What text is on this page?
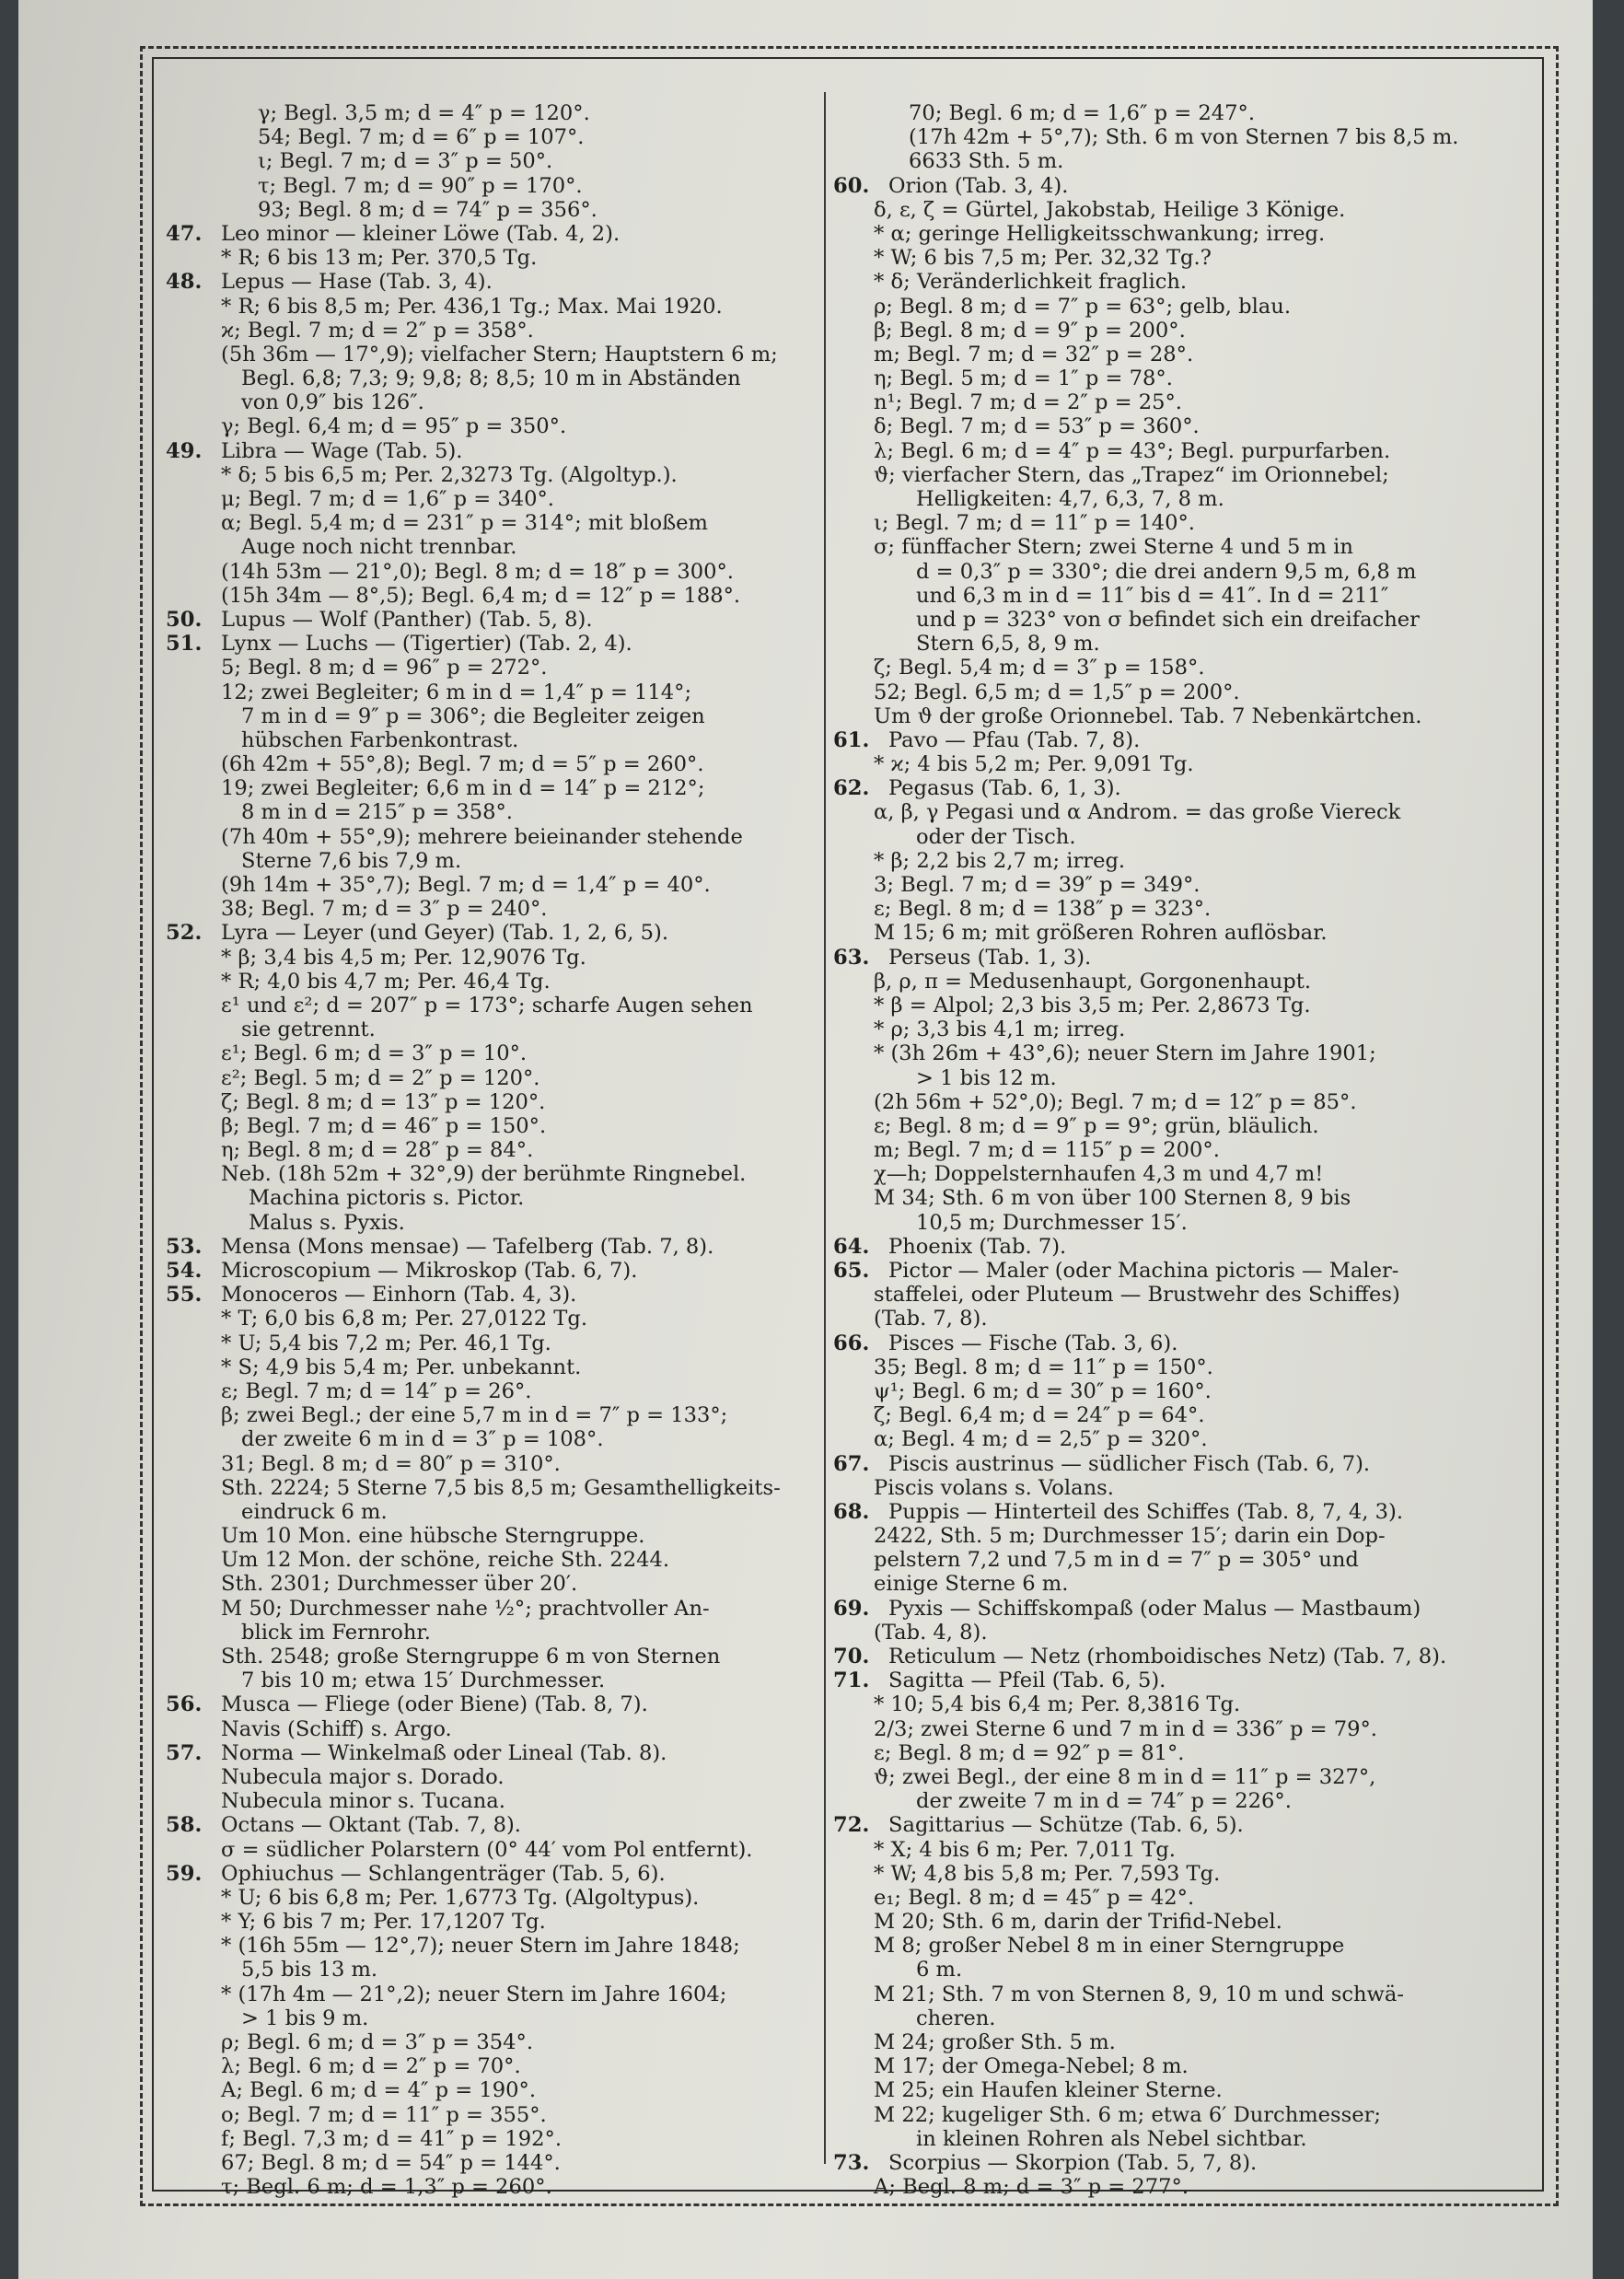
γ; Begl. 3,5 m; d = 4″ p = 120°.
54; Begl. 7 m; d = 6″ p = 107°.
ι; Begl. 7 m; d = 3″ p = 50°.
τ; Begl. 7 m; d = 90″ p = 170°.
93; Begl. 8 m; d = 74″ p = 356°.
47. Leo minor — kleiner Löwe (Tab. 4, 2).
* R; 6 bis 13 m; Per. 370,5 Tg.
48. Lepus — Hase (Tab. 3, 4).
* R; 6 bis 8,5 m; Per. 436,1 Tg.; Max. Mai 1920.
ϰ; Begl. 7 m; d = 2″ p = 358°.
(5h 36m — 17°,9); vielfacher Stern; Hauptstern 6 m;
Begl. 6,8; 7,3; 9; 9,8; 8; 8,5; 10 m in Abständen
von 0,9″ bis 126″.
γ; Begl. 6,4 m; d = 95″ p = 350°.
49. Libra — Wage (Tab. 5).
* δ; 5 bis 6,5 m; Per. 2,3273 Tg. (Algoltyp.).
μ; Begl. 7 m; d = 1,6″ p = 340°.
α; Begl. 5,4 m; d = 231″ p = 314°; mit bloßem
Auge noch nicht trennbar.
(14h 53m — 21°,0); Begl. 8 m; d = 18″ p = 300°.
(15h 34m — 8°,5); Begl. 6,4 m; d = 12″ p = 188°.
50. Lupus — Wolf (Panther) (Tab. 5, 8).
51. Lynx — Luchs — (Tigertier) (Tab. 2, 4).
5; Begl. 8 m; d = 96″ p = 272°.
12; zwei Begleiter; 6 m in d = 1,4″ p = 114°;
7 m in d = 9″ p = 306°; die Begleiter zeigen
hübschen Farbenkontrast.
(6h 42m + 55°,8); Begl. 7 m; d = 5″ p = 260°.
19; zwei Begleiter; 6,6 m in d = 14″ p = 212°;
8 m in d = 215″ p = 358°.
(7h 40m + 55°,9); mehrere beieinander stehende
Sterne 7,6 bis 7,9 m.
(9h 14m + 35°,7); Begl. 7 m; d = 1,4″ p = 40°.
38; Begl. 7 m; d = 3″ p = 240°.
52. Lyra — Leyer (und Geyer) (Tab. 1, 2, 6, 5).
* β; 3,4 bis 4,5 m; Per. 12,9076 Tg.
* R; 4,0 bis 4,7 m; Per. 46,4 Tg.
ε¹ und ε²; d = 207″ p = 173°; scharfe Augen sehen
sie getrennt.
ε¹; Begl. 6 m; d = 3″ p = 10°.
ε²; Begl. 5 m; d = 2″ p = 120°.
ζ; Begl. 8 m; d = 13″ p = 120°.
β; Begl. 7 m; d = 46″ p = 150°.
η; Begl. 8 m; d = 28″ p = 84°.
Neb. (18h 52m + 32°,9) der berühmte Ringnebel.
Machina pictoris s. Pictor.
Malus s. Pyxis.
53. Mensa (Mons mensae) — Tafelberg (Tab. 7, 8).
54. Microscopium — Mikroskop (Tab. 6, 7).
55. Monoceros — Einhorn (Tab. 4, 3).
* T; 6,0 bis 6,8 m; Per. 27,0122 Tg.
* U; 5,4 bis 7,2 m; Per. 46,1 Tg.
* S; 4,9 bis 5,4 m; Per. unbekannt.
ε; Begl. 7 m; d = 14″ p = 26°.
β; zwei Begl.; der eine 5,7 m in d = 7″ p = 133°;
der zweite 6 m in d = 3″ p = 108°.
31; Begl. 8 m; d = 80″ p = 310°.
Sth. 2224; 5 Sterne 7,5 bis 8,5 m; Gesamthelligkeits-
eindruck 6 m.
Um 10 Mon. eine hübsche Sterngruppe.
Um 12 Mon. der schöne, reiche Sth. 2244.
Sth. 2301; Durchmesser über 20′.
M 50; Durchmesser nahe ½°; prachtvoller An-
blick im Fernrohr.
Sth. 2548; große Sterngruppe 6 m von Sternen
7 bis 10 m; etwa 15′ Durchmesser.
56. Musca — Fliege (oder Biene) (Tab. 8, 7).
Navis (Schiff) s. Argo.
57. Norma — Winkelmaß oder Lineal (Tab. 8).
Nubecula major s. Dorado.
Nubecula minor s. Tucana.
58. Octans — Oktant (Tab. 7, 8).
σ = südlicher Polarstern (0° 44′ vom Pol entfernt).
59. Ophiuchus — Schlangenträger (Tab. 5, 6).
* U; 6 bis 6,8 m; Per. 1,6773 Tg. (Algoltypus).
* Y; 6 bis 7 m; Per. 17,1207 Tg.
* (16h 55m — 12°,7); neuer Stern im Jahre 1848;
5,5 bis 13 m.
* (17h 4m — 21°,2); neuer Stern im Jahre 1604;
> 1 bis 9 m.
ρ; Begl. 6 m; d = 3″ p = 354°.
λ; Begl. 6 m; d = 2″ p = 70°.
A; Begl. 6 m; d = 4″ p = 190°.
o; Begl. 7 m; d = 11″ p = 355°.
f; Begl. 7,3 m; d = 41″ p = 192°.
67; Begl. 8 m; d = 54″ p = 144°.
τ; Begl. 6 m; d = 1,3″ p = 260°.
70; Begl. 6 m; d = 1,6″ p = 247°.
(17h 42m + 5°,7); Sth. 6 m von Sternen 7 bis 8,5 m.
6633 Sth. 5 m.
60. Orion (Tab. 3, 4).
δ, ε, ζ = Gürtel, Jakobstab, Heilige 3 Könige.
* α; geringe Helligkeitsschwankung; irreg.
* W; 6 bis 7,5 m; Per. 32,32 Tg.?
* δ; Veränderlichkeit fraglich.
ρ; Begl. 8 m; d = 7″ p = 63°; gelb, blau.
β; Begl. 8 m; d = 9″ p = 200°.
m; Begl. 7 m; d = 32″ p = 28°.
η; Begl. 5 m; d = 1″ p = 78°.
n¹; Begl. 7 m; d = 2″ p = 25°.
δ; Begl. 7 m; d = 53″ p = 360°.
λ; Begl. 6 m; d = 4″ p = 43°; Begl. purpurfarben.
ϑ; vierfacher Stern, das „Trapez“ im Orionnebel;
Helligkeiten: 4,7, 6,3, 7, 8 m.
ι; Begl. 7 m; d = 11″ p = 140°.
σ; fünffacher Stern; zwei Sterne 4 und 5 m in
d = 0,3″ p = 330°; die drei andern 9,5 m, 6,8 m
und 6,3 m in d = 11″ bis d = 41″. In d = 211″
und p = 323° von σ befindet sich ein dreifacher
Stern 6,5, 8, 9 m.
ζ; Begl. 5,4 m; d = 3″ p = 158°.
52; Begl. 6,5 m; d = 1,5″ p = 200°.
Um ϑ der große Orionnebel. Tab. 7 Nebenkärtchen.
61. Pavo — Pfau (Tab. 7, 8).
* ϰ; 4 bis 5,2 m; Per. 9,091 Tg.
62. Pegasus (Tab. 6, 1, 3).
α, β, γ Pegasi und α Androm. = das große Viereck
oder der Tisch.
* β; 2,2 bis 2,7 m; irreg.
3; Begl. 7 m; d = 39″ p = 349°.
ε; Begl. 8 m; d = 138″ p = 323°.
M 15; 6 m; mit größeren Rohren auflösbar.
63. Perseus (Tab. 1, 3).
β, ρ, π = Medusenhaupt, Gorgonenhaupt.
* β = Alpol; 2,3 bis 3,5 m; Per. 2,8673 Tg.
* ρ; 3,3 bis 4,1 m; irreg.
* (3h 26m + 43°,6); neuer Stern im Jahre 1901;
> 1 bis 12 m.
(2h 56m + 52°,0); Begl. 7 m; d = 12″ p = 85°.
ε; Begl. 8 m; d = 9″ p = 9°; grün, bläulich.
m; Begl. 7 m; d = 115″ p = 200°.
χ—h; Doppelsternhaufen 4,3 m und 4,7 m!
M 34; Sth. 6 m von über 100 Sternen 8, 9 bis
10,5 m; Durchmesser 15′.
64. Phoenix (Tab. 7).
65. Pictor — Maler (oder Machina pictoris — Maler-
staffelei, oder Pluteum — Brustwehr des Schiffes)
(Tab. 7, 8).
66. Pisces — Fische (Tab. 3, 6).
35; Begl. 8 m; d = 11″ p = 150°.
ψ¹; Begl. 6 m; d = 30″ p = 160°.
ζ; Begl. 6,4 m; d = 24″ p = 64°.
α; Begl. 4 m; d = 2,5″ p = 320°.
67. Piscis austrinus — südlicher Fisch (Tab. 6, 7).
Piscis volans s. Volans.
68. Puppis — Hinterteil des Schiffes (Tab. 8, 7, 4, 3).
2422, Sth. 5 m; Durchmesser 15′; darin ein Dop-
pelstern 7,2 und 7,5 m in d = 7″ p = 305° und
einige Sterne 6 m.
69. Pyxis — Schiffskompaß (oder Malus — Mastbaum)
(Tab. 4, 8).
70. Reticulum — Netz (rhomboidisches Netz) (Tab. 7, 8).
71. Sagitta — Pfeil (Tab. 6, 5).
* 10; 5,4 bis 6,4 m; Per. 8,3816 Tg.
2/3; zwei Sterne 6 und 7 m in d = 336″ p = 79°.
ε; Begl. 8 m; d = 92″ p = 81°.
ϑ; zwei Begl., der eine 8 m in d = 11″ p = 327°,
der zweite 7 m in d = 74″ p = 226°.
72. Sagittarius — Schütze (Tab. 6, 5).
* X; 4 bis 6 m; Per. 7,011 Tg.
* W; 4,8 bis 5,8 m; Per. 7,593 Tg.
e₁; Begl. 8 m; d = 45″ p = 42°.
M 20; Sth. 6 m, darin der Trifid-Nebel.
M 8; großer Nebel 8 m in einer Sterngruppe
6 m.
M 21; Sth. 7 m von Sternen 8, 9, 10 m und schwä-
cheren.
M 24; großer Sth. 5 m.
M 17; der Omega-Nebel; 8 m.
M 25; ein Haufen kleiner Sterne.
M 22; kugeliger Sth. 6 m; etwa 6′ Durchmesser;
in kleinen Rohren als Nebel sichtbar.
73. Scorpius — Skorpion (Tab. 5, 7, 8).
A; Begl. 8 m; d = 3″ p = 277°.
